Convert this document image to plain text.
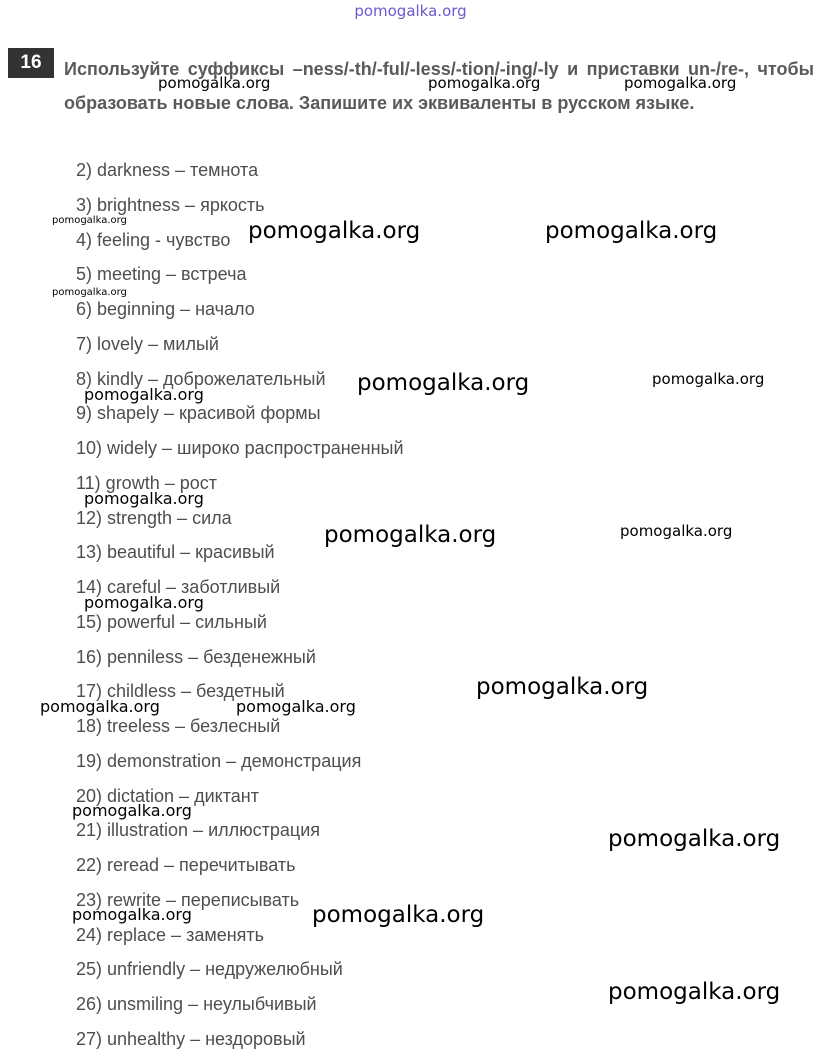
pomogalka.org
16	Используйте суффиксы –ness/-th/-ful/-less/-tion/-ing/-ly и приставки un-/re-, чтобы образовать новые слова. Запишите их эквиваленты в русском языке.
2) darkness – темнота
3) brightness – яркость
4) feeling - чувство
5) meeting – встреча
6) beginning – начало
7) lovely – милый
8) kindly – доброжелательный
9) shapely – красивой формы
10) widely – широко распространенный
11) growth – рост
12) strength – сила
13) beautiful – красивый
14) careful – заботливый
15) powerful – сильный
16) penniless – безденежный
17) childless – бездетный
18) treeless – безлесный
19) demonstration – демонстрация
20) dictation – диктант
21) illustration – иллюстрация
22) reread – перечитывать
23) rewrite – переписывать
24) replace – заменять
25) unfriendly – недружелюбный
26) unsmiling – неулыбчивый
27) unhealthy – нездоровый
pomogalka.org	pomogalka.org	pomogalka.org
pomogalka.org	pomogalka.org	pomogalka.org
pomogalka.org
pomogalka.org	pomogalka.org
pomogalka.org
pomogalka.org
pomogalka.org	pomogalka.org
pomogalka.org
pomogalka.org
pomogalka.org	pomogalka.org
pomogalka.org
pomogalka.org
pomogalka.org	pomogalka.org
pomogalka.org
